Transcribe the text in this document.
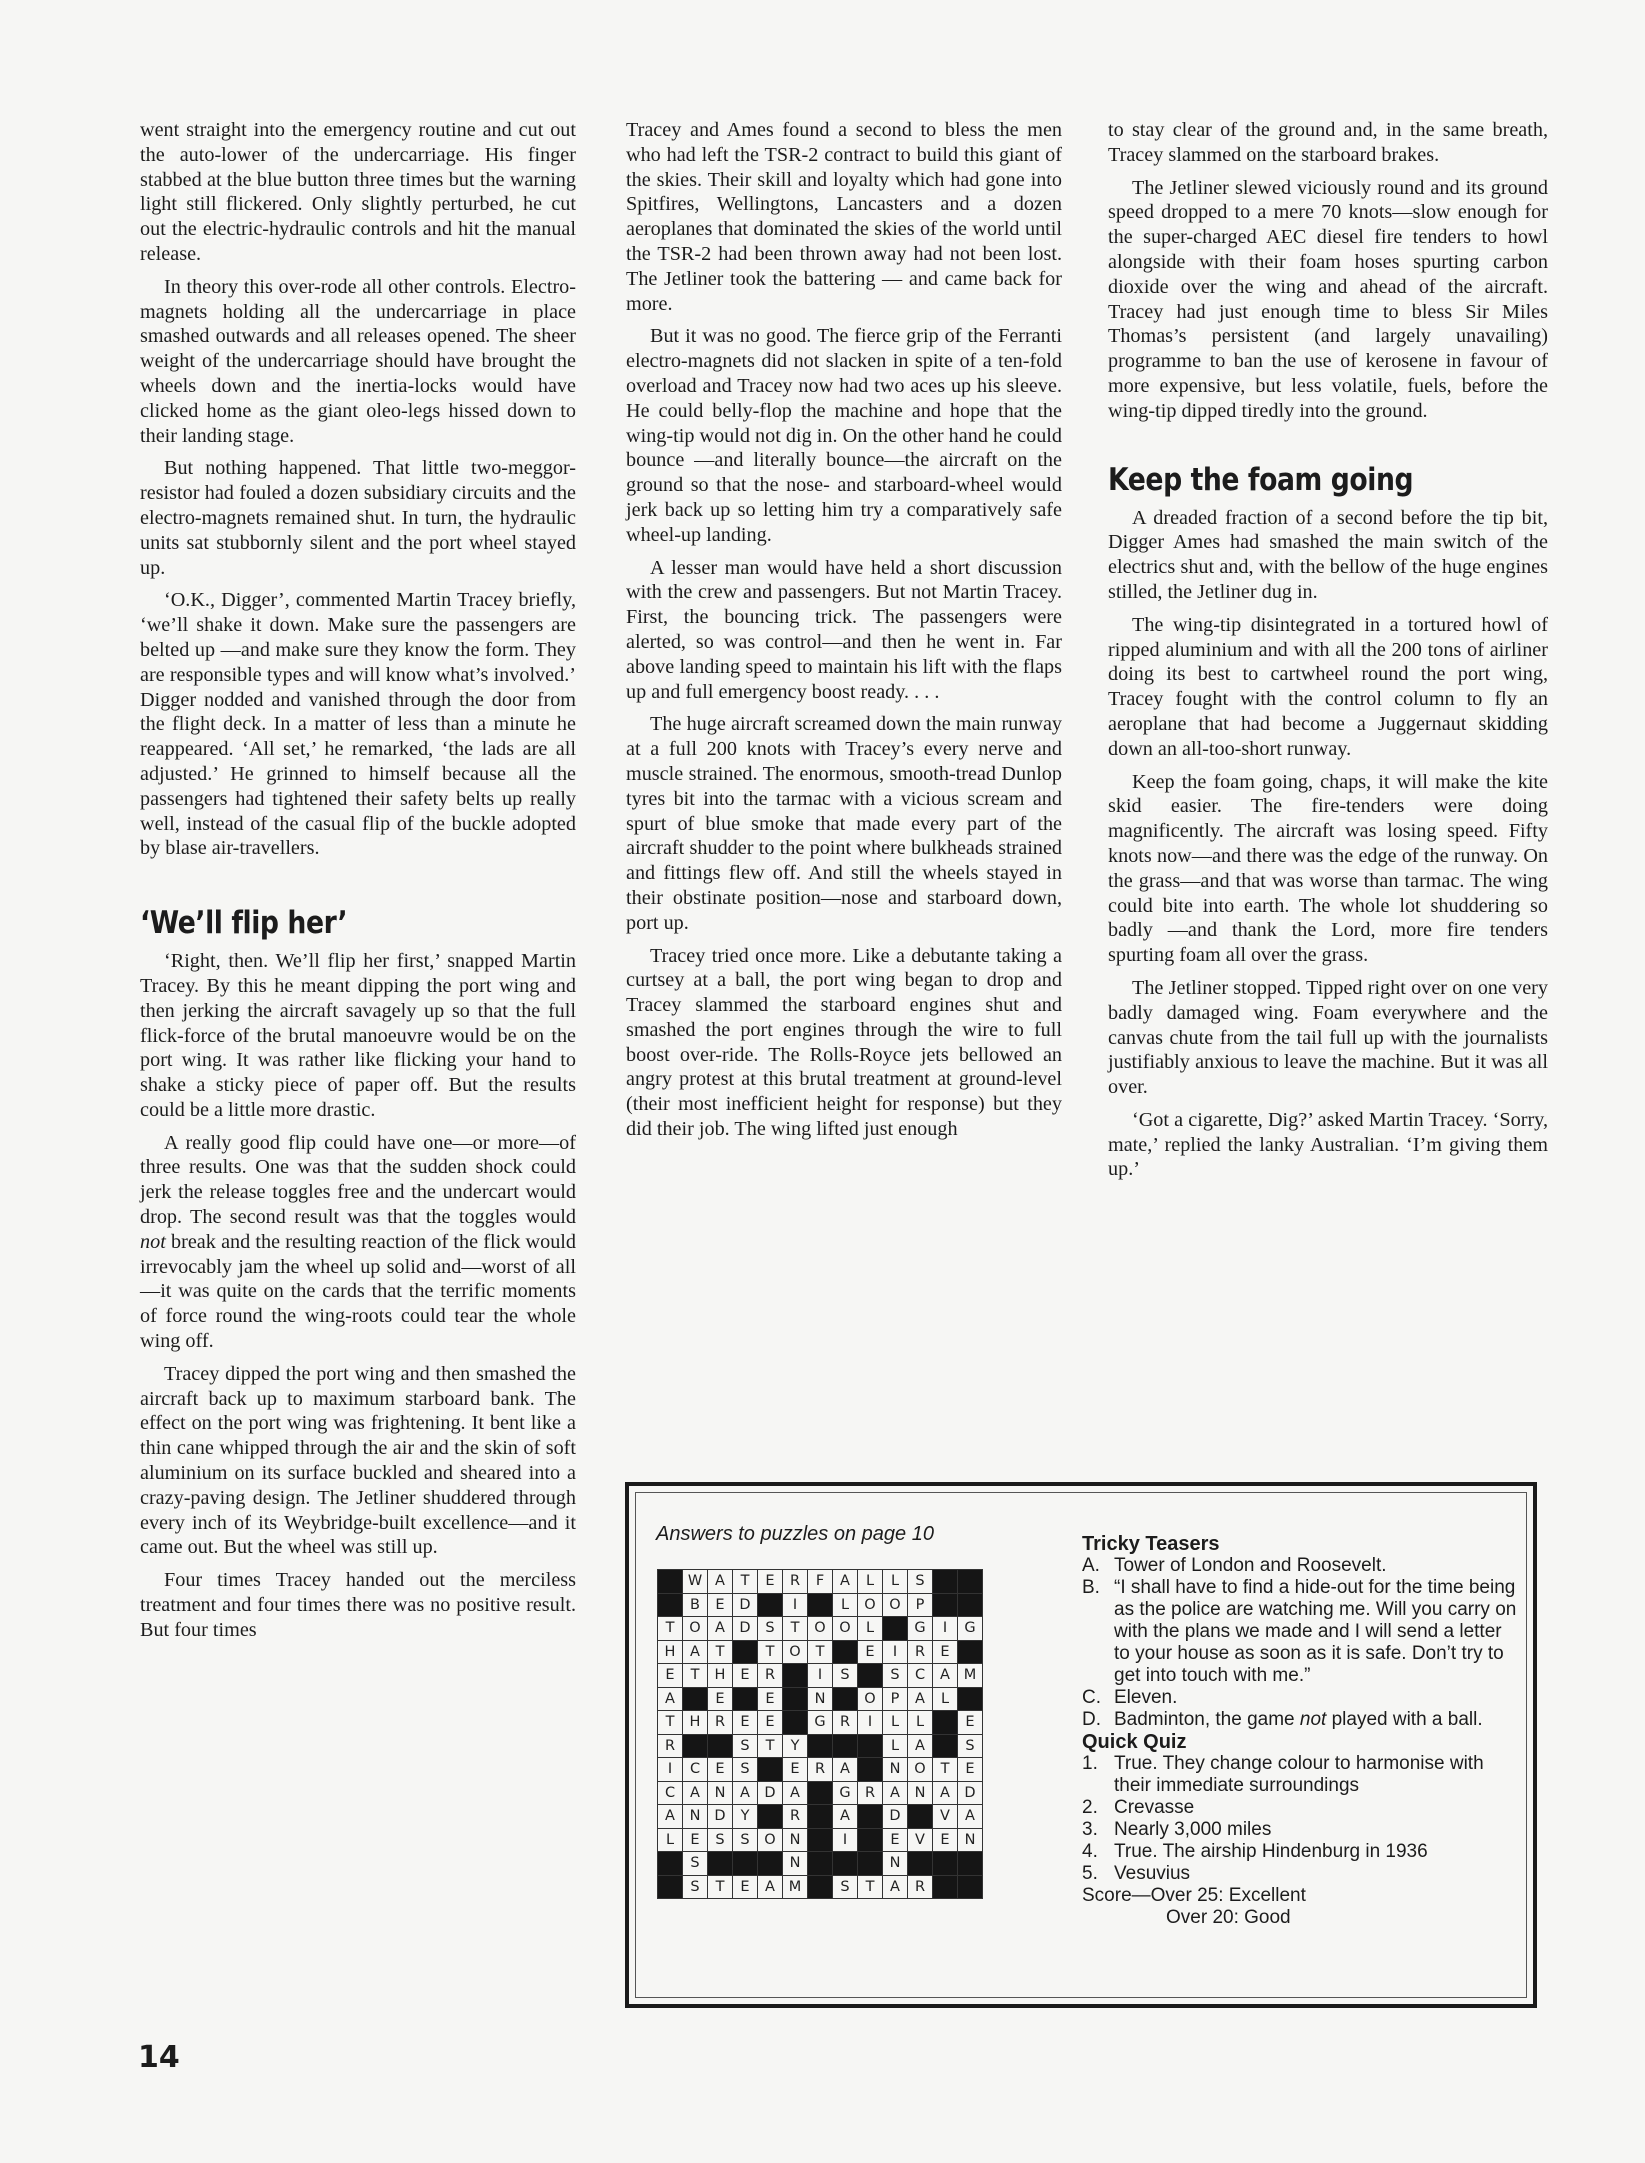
went straight into the emergency routine and cut out the auto-lower of the undercarriage. His finger stabbed at the blue button three times but the warning light still flickered. Only slightly perturbed, he cut out the electric-hydraulic controls and hit the manual release.

In theory this over-rode all other controls. Electro-magnets holding all the undercarriage in place smashed outwards and all releases opened. The sheer weight of the undercarriage should have brought the wheels down and the inertia-locks would have clicked home as the giant oleo-legs hissed down to their landing stage.

But nothing happened. That little two-meggor-resistor had fouled a dozen subsidiary circuits and the electro-magnets remained shut. In turn, the hydraulic units sat stubbornly silent and the port wheel stayed up.

‘O.K., Digger’, commented Martin Tracey briefly, ‘we’ll shake it down. Make sure the passengers are belted up —and make sure they know the form. They are responsible types and will know what’s involved.’ Digger nodded and vanished through the door from the flight deck. In a matter of less than a minute he reappeared. ‘All set,’ he remarked, ‘the lads are all adjusted.’ He grinned to himself because all the passengers had tightened their safety belts up really well, instead of the casual flip of the buckle adopted by blase air-travellers.

‘We’ll flip her’

‘Right, then. We’ll flip her first,’ snapped Martin Tracey. By this he meant dipping the port wing and then jerking the aircraft savagely up so that the full flick-force of the brutal manoeuvre would be on the port wing. It was rather like flicking your hand to shake a sticky piece of paper off. But the results could be a little more drastic.

A really good flip could have one—or more—of three results. One was that the sudden shock could jerk the release toggles free and the undercart would drop. The second result was that the toggles would not break and the resulting reaction of the flick would irrevocably jam the wheel up solid and—worst of all—it was quite on the cards that the terrific moments of force round the wing-roots could tear the whole wing off.

Tracey dipped the port wing and then smashed the aircraft back up to maximum starboard bank. The effect on the port wing was frightening. It bent like a thin cane whipped through the air and the skin of soft aluminium on its surface buckled and sheared into a crazy-paving design. The Jetliner shuddered through every inch of its Weybridge-built excellence—and it came out. But the wheel was still up.

Four times Tracey handed out the merciless treatment and four times there was no positive result. But four times

Tracey and Ames found a second to bless the men who had left the TSR-2 contract to build this giant of the skies. Their skill and loyalty which had gone into Spitfires, Wellingtons, Lancasters and a dozen aeroplanes that dominated the skies of the world until the TSR-2 had been thrown away had not been lost. The Jetliner took the battering — and came back for more.

But it was no good. The fierce grip of the Ferranti electro-magnets did not slacken in spite of a ten-fold overload and Tracey now had two aces up his sleeve. He could belly-flop the machine and hope that the wing-tip would not dig in. On the other hand he could bounce —and literally bounce—the aircraft on the ground so that the nose- and starboard-wheel would jerk back up so letting him try a comparatively safe wheel-up landing.

A lesser man would have held a short discussion with the crew and passengers. But not Martin Tracey. First, the bouncing trick. The passengers were alerted, so was control—and then he went in. Far above landing speed to maintain his lift with the flaps up and full emergency boost ready. . . .

The huge aircraft screamed down the main runway at a full 200 knots with Tracey’s every nerve and muscle strained. The enormous, smooth-tread Dunlop tyres bit into the tarmac with a vicious scream and spurt of blue smoke that made every part of the aircraft shudder to the point where bulkheads strained and fittings flew off. And still the wheels stayed in their obstinate position—nose and starboard down, port up.

Tracey tried once more. Like a debutante taking a curtsey at a ball, the port wing began to drop and Tracey slammed the starboard engines shut and smashed the port engines through the wire to full boost over-ride. The Rolls-Royce jets bellowed an angry protest at this brutal treatment at ground-level (their most inefficient height for response) but they did their job. The wing lifted just enough

to stay clear of the ground and, in the same breath, Tracey slammed on the starboard brakes.

The Jetliner slewed viciously round and its ground speed dropped to a mere 70 knots—slow enough for the super-charged AEC diesel fire tenders to howl alongside with their foam hoses spurting carbon dioxide over the wing and ahead of the aircraft. Tracey had just enough time to bless Sir Miles Thomas’s persistent (and largely unavailing) programme to ban the use of kerosene in favour of more expensive, but less volatile, fuels, before the wing-tip dipped tiredly into the ground.

Keep the foam going

A dreaded fraction of a second before the tip bit, Digger Ames had smashed the main switch of the electrics shut and, with the bellow of the huge engines stilled, the Jetliner dug in.

The wing-tip disintegrated in a tortured howl of ripped aluminium and with all the 200 tons of airliner doing its best to cartwheel round the port wing, Tracey fought with the control column to fly an aeroplane that had become a Juggernaut skidding down an all-too-short runway.

Keep the foam going, chaps, it will make the kite skid easier. The fire-tenders were doing magnificently. The aircraft was losing speed. Fifty knots now—and there was the edge of the runway. On the grass—and that was worse than tarmac. The wing could bite into earth. The whole lot shuddering so badly —and thank the Lord, more fire tenders spurting foam all over the grass.

The Jetliner stopped. Tipped right over on one very badly damaged wing. Foam everywhere and the canvas chute from the tail full up with the journalists justifiably anxious to leave the machine. But it was all over.

‘Got a cigarette, Dig?’ asked Martin Tracey. ‘Sorry, mate,’ replied the lanky Australian. ‘I’m giving them up.’

Answers to puzzles on page 10
	W	A	T	E	R	F	A	L	L	S		
	B	E	D		I		L	O	O	P		
T	O	A	D	S	T	O	O	L		G	I	G
H	A	T		T	O	T		E	I	R	E	
E	T	H	E	R		I	S		S	C	A	M
A		E		E		N		O	P	A	L	
T	H	R	E	E		G	R	I	L	L		E
R			S	T	Y				L	A		S
I	C	E	S		E	R	A		N	O	T	E
C	A	N	A	D	A		G	R	A	N	A	D
A	N	D	Y		R		A		D		V	A
L	E	S	S	O	N		I		E	V	E	N
	S				N				N			
	S	T	E	A	M		S	T	A	R		
Tricky Teasers
A. Tower of London and Roosevelt.
B. “I shall have to find a hide-out for the time being as the police are watching me. Will you carry on with the plans we made and I will send a letter to your house as soon as it is safe. Don’t try to get into touch with me.”
C. Eleven.
D. Badminton, the game not played with a ball.
Quick Quiz
1. True. They change colour to harmonise with their immediate surroundings
2. Crevasse
3. Nearly 3,000 miles
4. True. The airship Hindenburg in 1936
5. Vesuvius
Score—Over 25: Excellent
Over 20: Good
14
